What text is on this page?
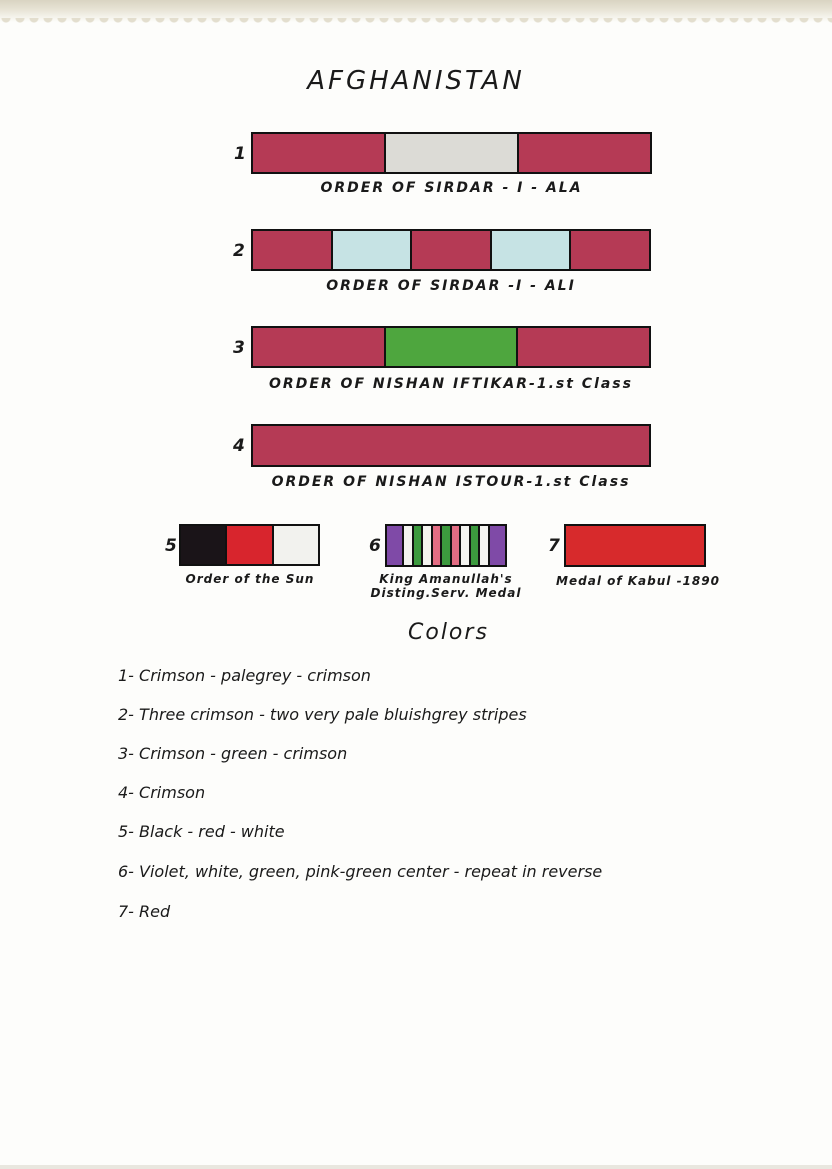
AFGHANISTAN
1
ORDER OF SIRDAR - I - ALA
2
ORDER OF SIRDAR -I - ALI
3
ORDER OF NISHAN IFTIKAR-1.st Class
4
ORDER OF NISHAN ISTOUR-1.st Class
5
Order of the Sun
6
King Amanullah's
Disting.Serv. Medal
7
Medal of Kabul -1890
Colors
1- Crimson - palegrey - crimson
2- Three crimson - two very pale bluishgrey stripes
3- Crimson - green - crimson
4- Crimson
5- Black - red - white
6- Violet, white, green, pink-green center - repeat in reverse
7- Red
